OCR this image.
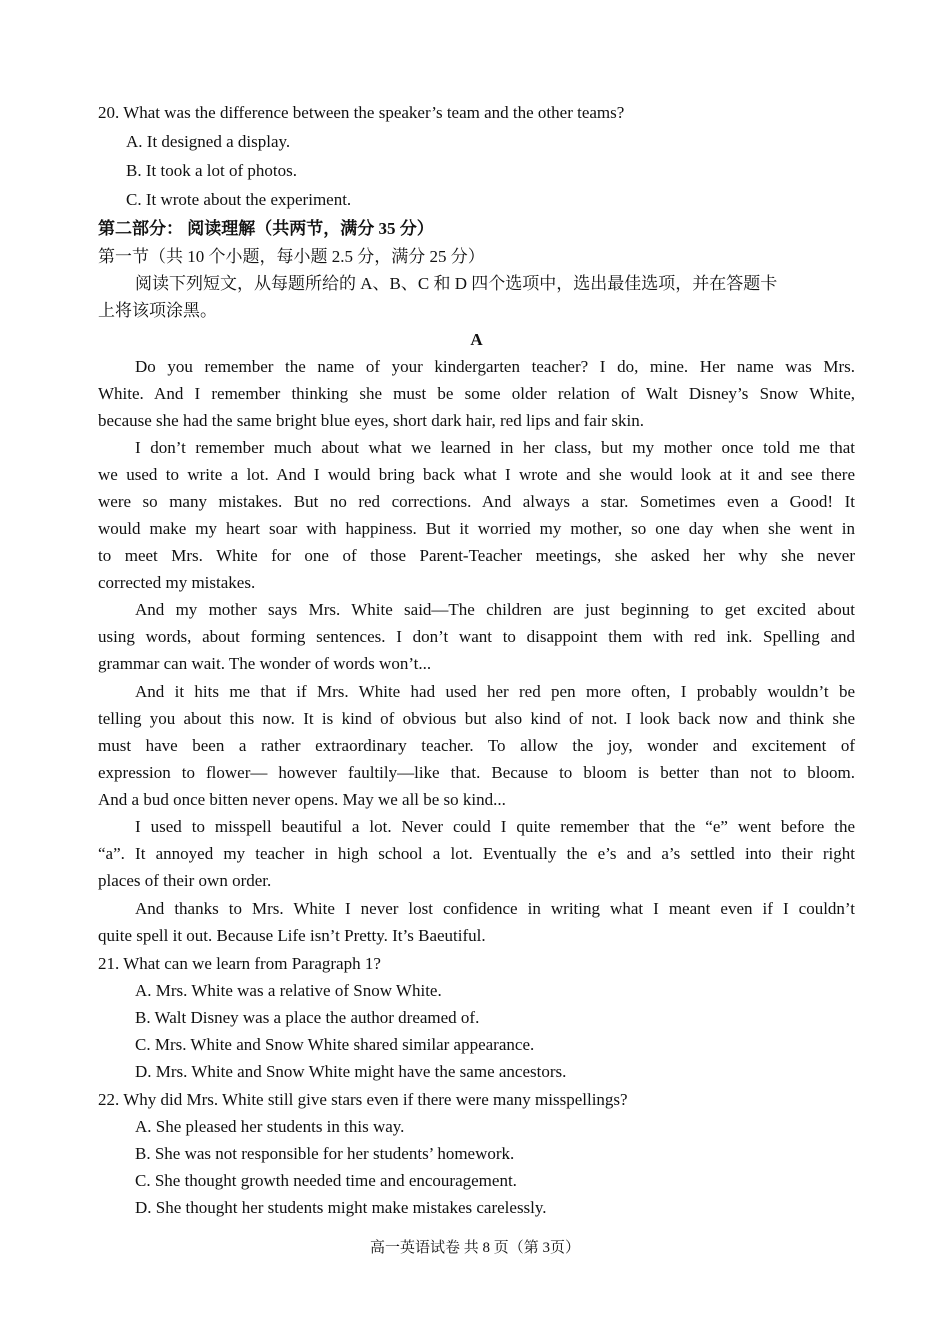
20. What was the difference between the speaker’s team and the other teams?
A. It designed a display.
B. It took a lot of photos.
C. It wrote about the experiment.
第二部分： 阅读理解（共两节，满分 35 分）
第一节（共 10 个小题，每小题 2.5 分，满分 25 分）
阅读下列短文，从每题所给的 A、B、C 和 D 四个选项中，选出最佳选项，并在答题卡
上将该项涂黑。
A
Do you remember the name of your kindergarten teacher? I do, mine. Her name was Mrs.
White. And I remember thinking she must be some older relation of Walt Disney’s Snow White,
because she had the same bright blue eyes, short dark hair, red lips and fair skin.
I don’t remember much about what we learned in her class, but my mother once told me that
we used to write a lot. And I would bring back what I wrote and she would look at it and see there
were so many mistakes. But no red corrections. And always a star. Sometimes even a Good! It
would make my heart soar with happiness. But it worried my mother, so one day when she went in
to meet Mrs. White for one of those Parent-Teacher meetings, she asked her why she never
corrected my mistakes.
And my mother says Mrs. White said—The children are just beginning to get excited about
using words, about forming sentences. I don’t want to disappoint them with red ink. Spelling and
grammar can wait. The wonder of words won’t...
And it hits me that if Mrs. White had used her red pen more often, I probably wouldn’t be
telling you about this now. It is kind of obvious but also kind of not. I look back now and think she
must have been a rather extraordinary teacher. To allow the joy, wonder and excitement of
expression to flower— however faultily—like that. Because to bloom is better than not to bloom.
And a bud once bitten never opens. May we all be so kind...
I used to misspell beautiful a lot. Never could I quite remember that the “e” went before the
“a”. It annoyed my teacher in high school a lot. Eventually the e’s and a’s settled into their right
places of their own order.
And thanks to Mrs. White I never lost confidence in writing what I meant even if I couldn’t
quite spell it out. Because Life isn’t Pretty. It’s Baeutiful.
21. What can we learn from Paragraph 1?
A. Mrs. White was a relative of Snow White.
B. Walt Disney was a place the author dreamed of.
C. Mrs. White and Snow White shared similar appearance.
D. Mrs. White and Snow White might have the same ancestors.
22. Why did Mrs. White still give stars even if there were many misspellings?
A. She pleased her students in this way.
B. She was not responsible for her students’ homework.
C. She thought growth needed time and encouragement.
D. She thought her students might make mistakes carelessly.
高一英语试卷 共 8 页（第 3页）
